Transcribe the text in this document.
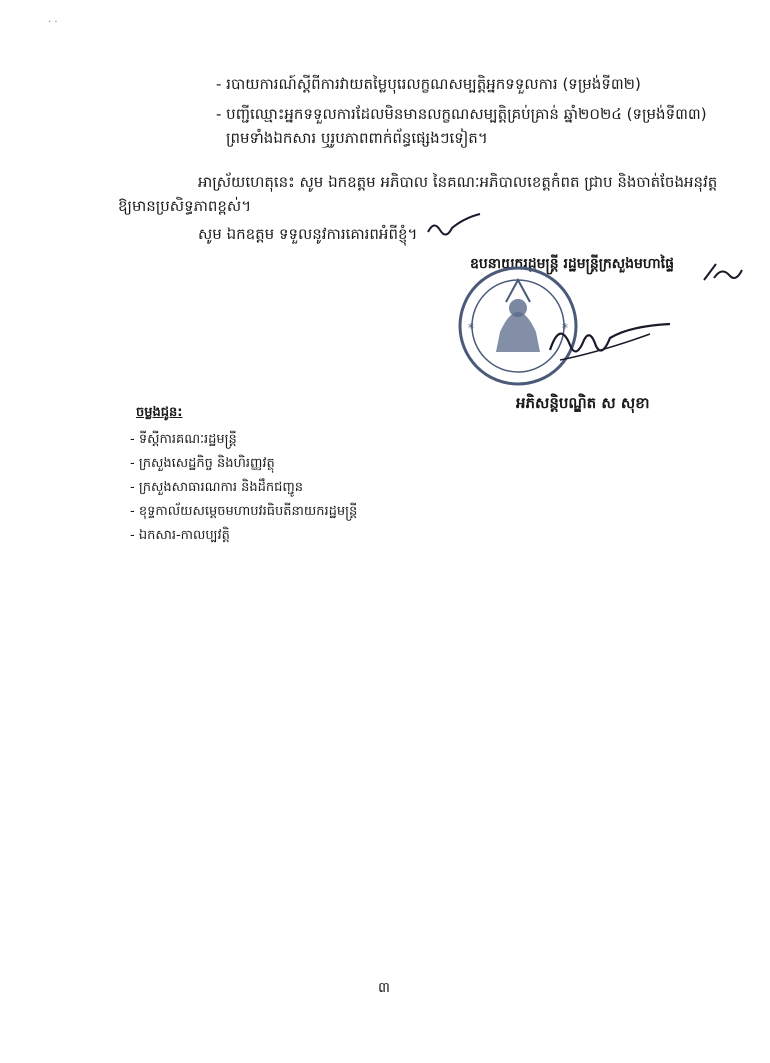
. .
- របាយការណ៍ស្តីពីការវាយតម្លៃបុរេលក្ខណសម្បត្តិអ្នកទទួលការ (ទម្រង់ទី៣២)
- បញ្ជីឈ្មោះអ្នកទទួលការដែលមិនមានលក្ខណសម្បត្តិគ្រប់គ្រាន់ ឆ្នាំ២០២៤ (ទម្រង់ទី៣៣)
ព្រមទាំងឯកសារ ឬរូបភាពពាក់ព័ន្ធផ្សេងៗទៀត។
អាស្រ័យហេតុនេះ សូម ឯកឧត្តម អភិបាល នៃគណៈអភិបាលខេត្តកំពត ជ្រាប និងចាត់ចែងអនុវត្ត
ឱ្យមានប្រសិទ្ធភាពខ្ពស់។
សូម ឯកឧត្តម ទទួលនូវការគោរពអំពីខ្ញុំ។
ឧបនាយករដ្ឋមន្ត្រី រដ្ឋមន្ត្រីក្រសួងមហាផ្ទៃ
*	*
អភិសន្តិបណ្ឌិត ស សុខា
ចម្លងជូន:
- ទីស្តីការគណៈរដ្ឋមន្ត្រី
- ក្រសួងសេដ្ឋកិច្ច និងហិរញ្ញវត្ថុ
- ក្រសួងសាធារណការ និងដឹកជញ្ជូន
- ខុទ្ទកាល័យសម្តេចមហាបវរធិបតីនាយករដ្ឋមន្ត្រី
- ឯកសារ-កាលប្បវត្តិ
៣
